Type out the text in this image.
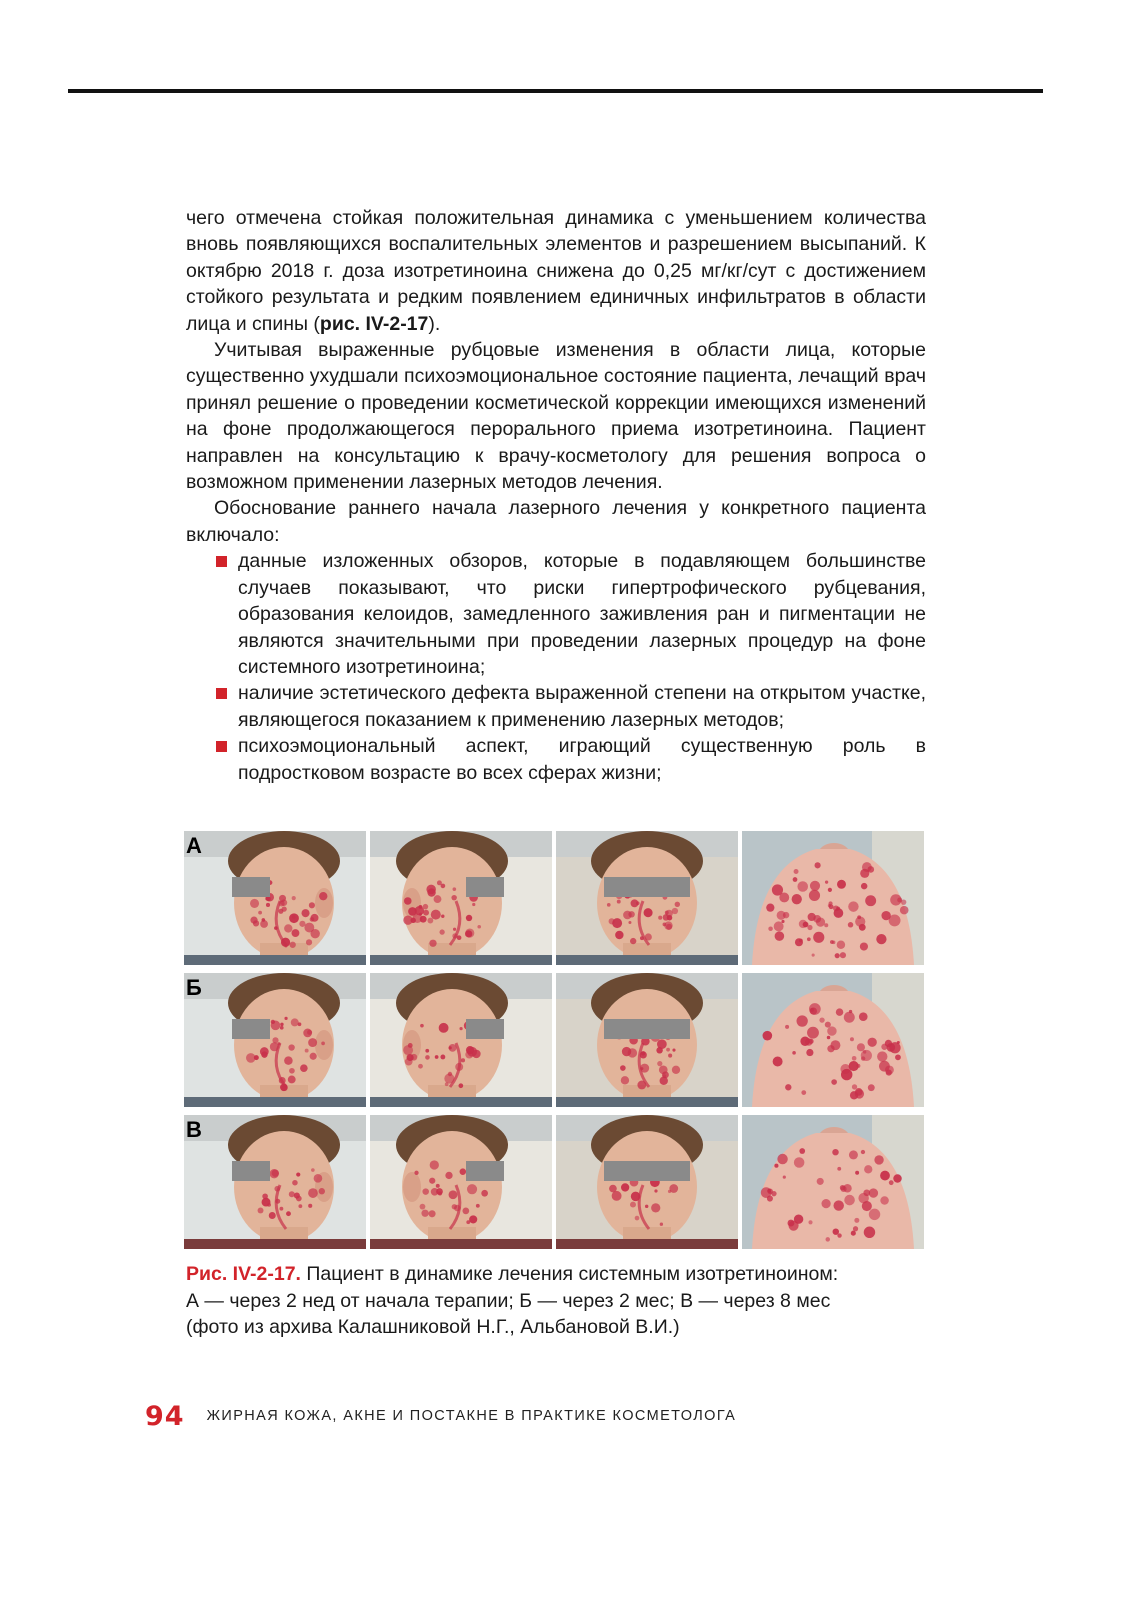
чего отмечена стойкая положительная динамика с уменьшением количества вновь появляющихся воспалительных элементов и разрешением высыпаний. К октябрю 2018 г. доза изотретиноина снижена до 0,25 мг/кг/сут с достижением стойкого результата и редким появлением единичных инфильтратов в области лица и спины (рис. IV-2-17).

Учитывая выраженные рубцовые изменения в области лица, которые существенно ухудшали психоэмоциональное состояние пациента, лечащий врач принял решение о проведении косметической коррекции имеющихся изменений на фоне продолжающегося перорального приема изотретиноина. Пациент направлен на консультацию к врачу-косметологу для решения вопроса о возможном применении лазерных методов лечения.

Обоснование раннего начала лазерного лечения у конкретного пациента включало:

данные изложенных обзоров, которые в подавляющем большинстве случаев показывают, что риски гипертрофического рубцевания, образования келоидов, замедленного заживления ран и пигментации не являются значительными при проведении лазерных процедур на фоне системного изотретиноина;
наличие эстетического дефекта выраженной степени на открытом участке, являющегося показанием к применению лазерных методов;
психоэмоциональный аспект, играющий существенную роль в подростковом возрасте во всех сферах жизни;
А
Б
В

Рис. IV-2-17. Пациент в динамике лечения системным изотретиноином:
А — через 2 нед от начала терапии; Б — через 2 мес; В — через 8 мес
(фото из архива Калашниковой Н.Г., Альбановой В.И.)

94 ЖИРНАЯ КОЖА, АКНЕ И ПОСТАКНЕ В ПРАКТИКЕ КОСМЕТОЛОГА
